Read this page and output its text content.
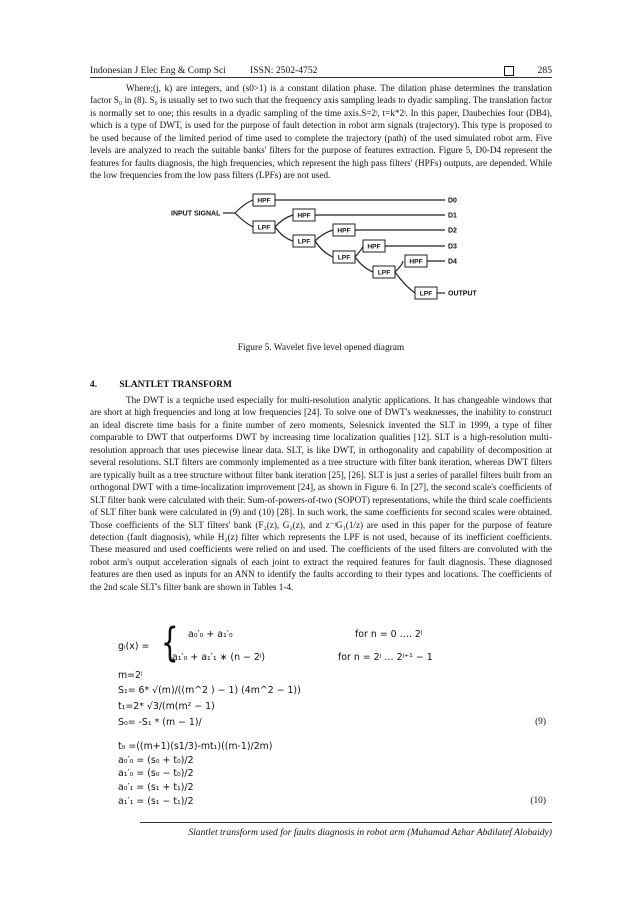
Indonesian J Elec Eng & Comp Sci	ISSN: 2502-4752	285

Where;(j, k) are integers, and (s0>1) is a constant dilation phase. The dilation phase determines the translation factor S₀ in (8). S₀ is usually set to two such that the frequency axis sampling leads to dyadic sampling. The translation factor is normally set to one; this results in a dyadic sampling of the time axis.S=2ʲ, t=k*2ʲ. In this paper, Daubechies four (DB4), which is a type of DWT, is used for the purpose of fault detection in robot arm signals (trajectory). This type is proposed to be used because of the limited period of time used to complete the trajectory (path) of the used simulated robot arm. Five levels are analyzed to reach the suitable banks' filters for the purpose of features extraction. Figure 5, D0-D4 represent the features for faults diagnosis, the high frequencies, which represent the high pass filters' (HPFs) outputs, are depended. While the low frequencies from the low pass filters (LPFs) are not used.

HPF
LPF
HPF
LPF
HPF
LPF
HPF
LPF
HPF
LPF
INPUT SIGNAL
D0
D1
D2
D3
D4
OUTPUT
Figure 5. Wavelet five level opened diagram
4. SLANTLET TRANSFORM

The DWT is a teqniche used especially for multi-resolution analytic applications. It has changeable windows that are short at high frequencies and long at low frequencies [24]. To solve one of DWT's weaknesses, the inability to construct an ideal discrete time basis for a finite number of zero moments, Selesnick invented the SLT in 1999, a type of filter comparable to DWT that outperforms DWT by increasing time localization qualities [12]. SLT is a high-resolution multi-resolution approach that uses piecewise linear data. SLT, is like DWT, in orthogonality and capability of decomposition at several resolutions. SLT filters are commonly implemented as a tree structure with filter bank iteration, whereas DWT filters are typically built as a tree structure without filter bank iteration [25], [26]. SLT is just a series of parallel filters built from an orthogonal DWT with a time-localization improvement [24], as shown in Figure 6. In [27], the second scale's coefficients of SLT filter bank were calculated with their. Sum-of-powers-of-two (SOPOT) representations, while the third scale coefficients of SLT filter bank were calculated in (9) and (10) [28]. In such work, the same coefficients for second scales were obtained. Those coefficients of the SLT filters' bank (F₂(z), G₂(z), and z⁻ʲG₁(1/z) are used in this paper for the purpose of feature detection (fault diagnosis), while H₂(z) filter which represents the LPF is not used, because of its inefficient coefficients. These measured and used coefficients were relied on and used. The coefficients of the used filters are convoluted with the robot arm's output acceleration signals of each joint to extract the required features for fault diagnosis. These diagnosed features are then used as inputs for an ANN to identify the faults according to their types and locations. The coefficients of the 2nd scale SLT's filter bank are shown in Tables 1-4.

gᵢ(x) = { a₀′₀ + a₁′₀	for n = 0 …. 2ʲ
a₁′₀ + a₁′₁ ∗ (n − 2ʲ)	for n = 2ʲ … 2ʲ⁺¹ − 1
m=2ʲ
S₁= 6* √(m)/((m^2 ) − 1) (4m^2 − 1))
t₁=2* √3/(m(m² − 1)
S₀= -S₁ * (m − 1)/	(9)
t₀ =((m+1)(s1/3)-mt₁)((m-1)/2m)
a₀′₀ = (s₀ + t₀)/2
a₁′₀ = (s₀ − t₀)/2
a₀′₁ = (s₁ + t₁)/2
a₁′₁ = (s₁ − t₁)/2	(10)
Slantlet transform used for faults diagnosis in robot arm (Muhamad Azhar Abdilatef Alobaidy)
